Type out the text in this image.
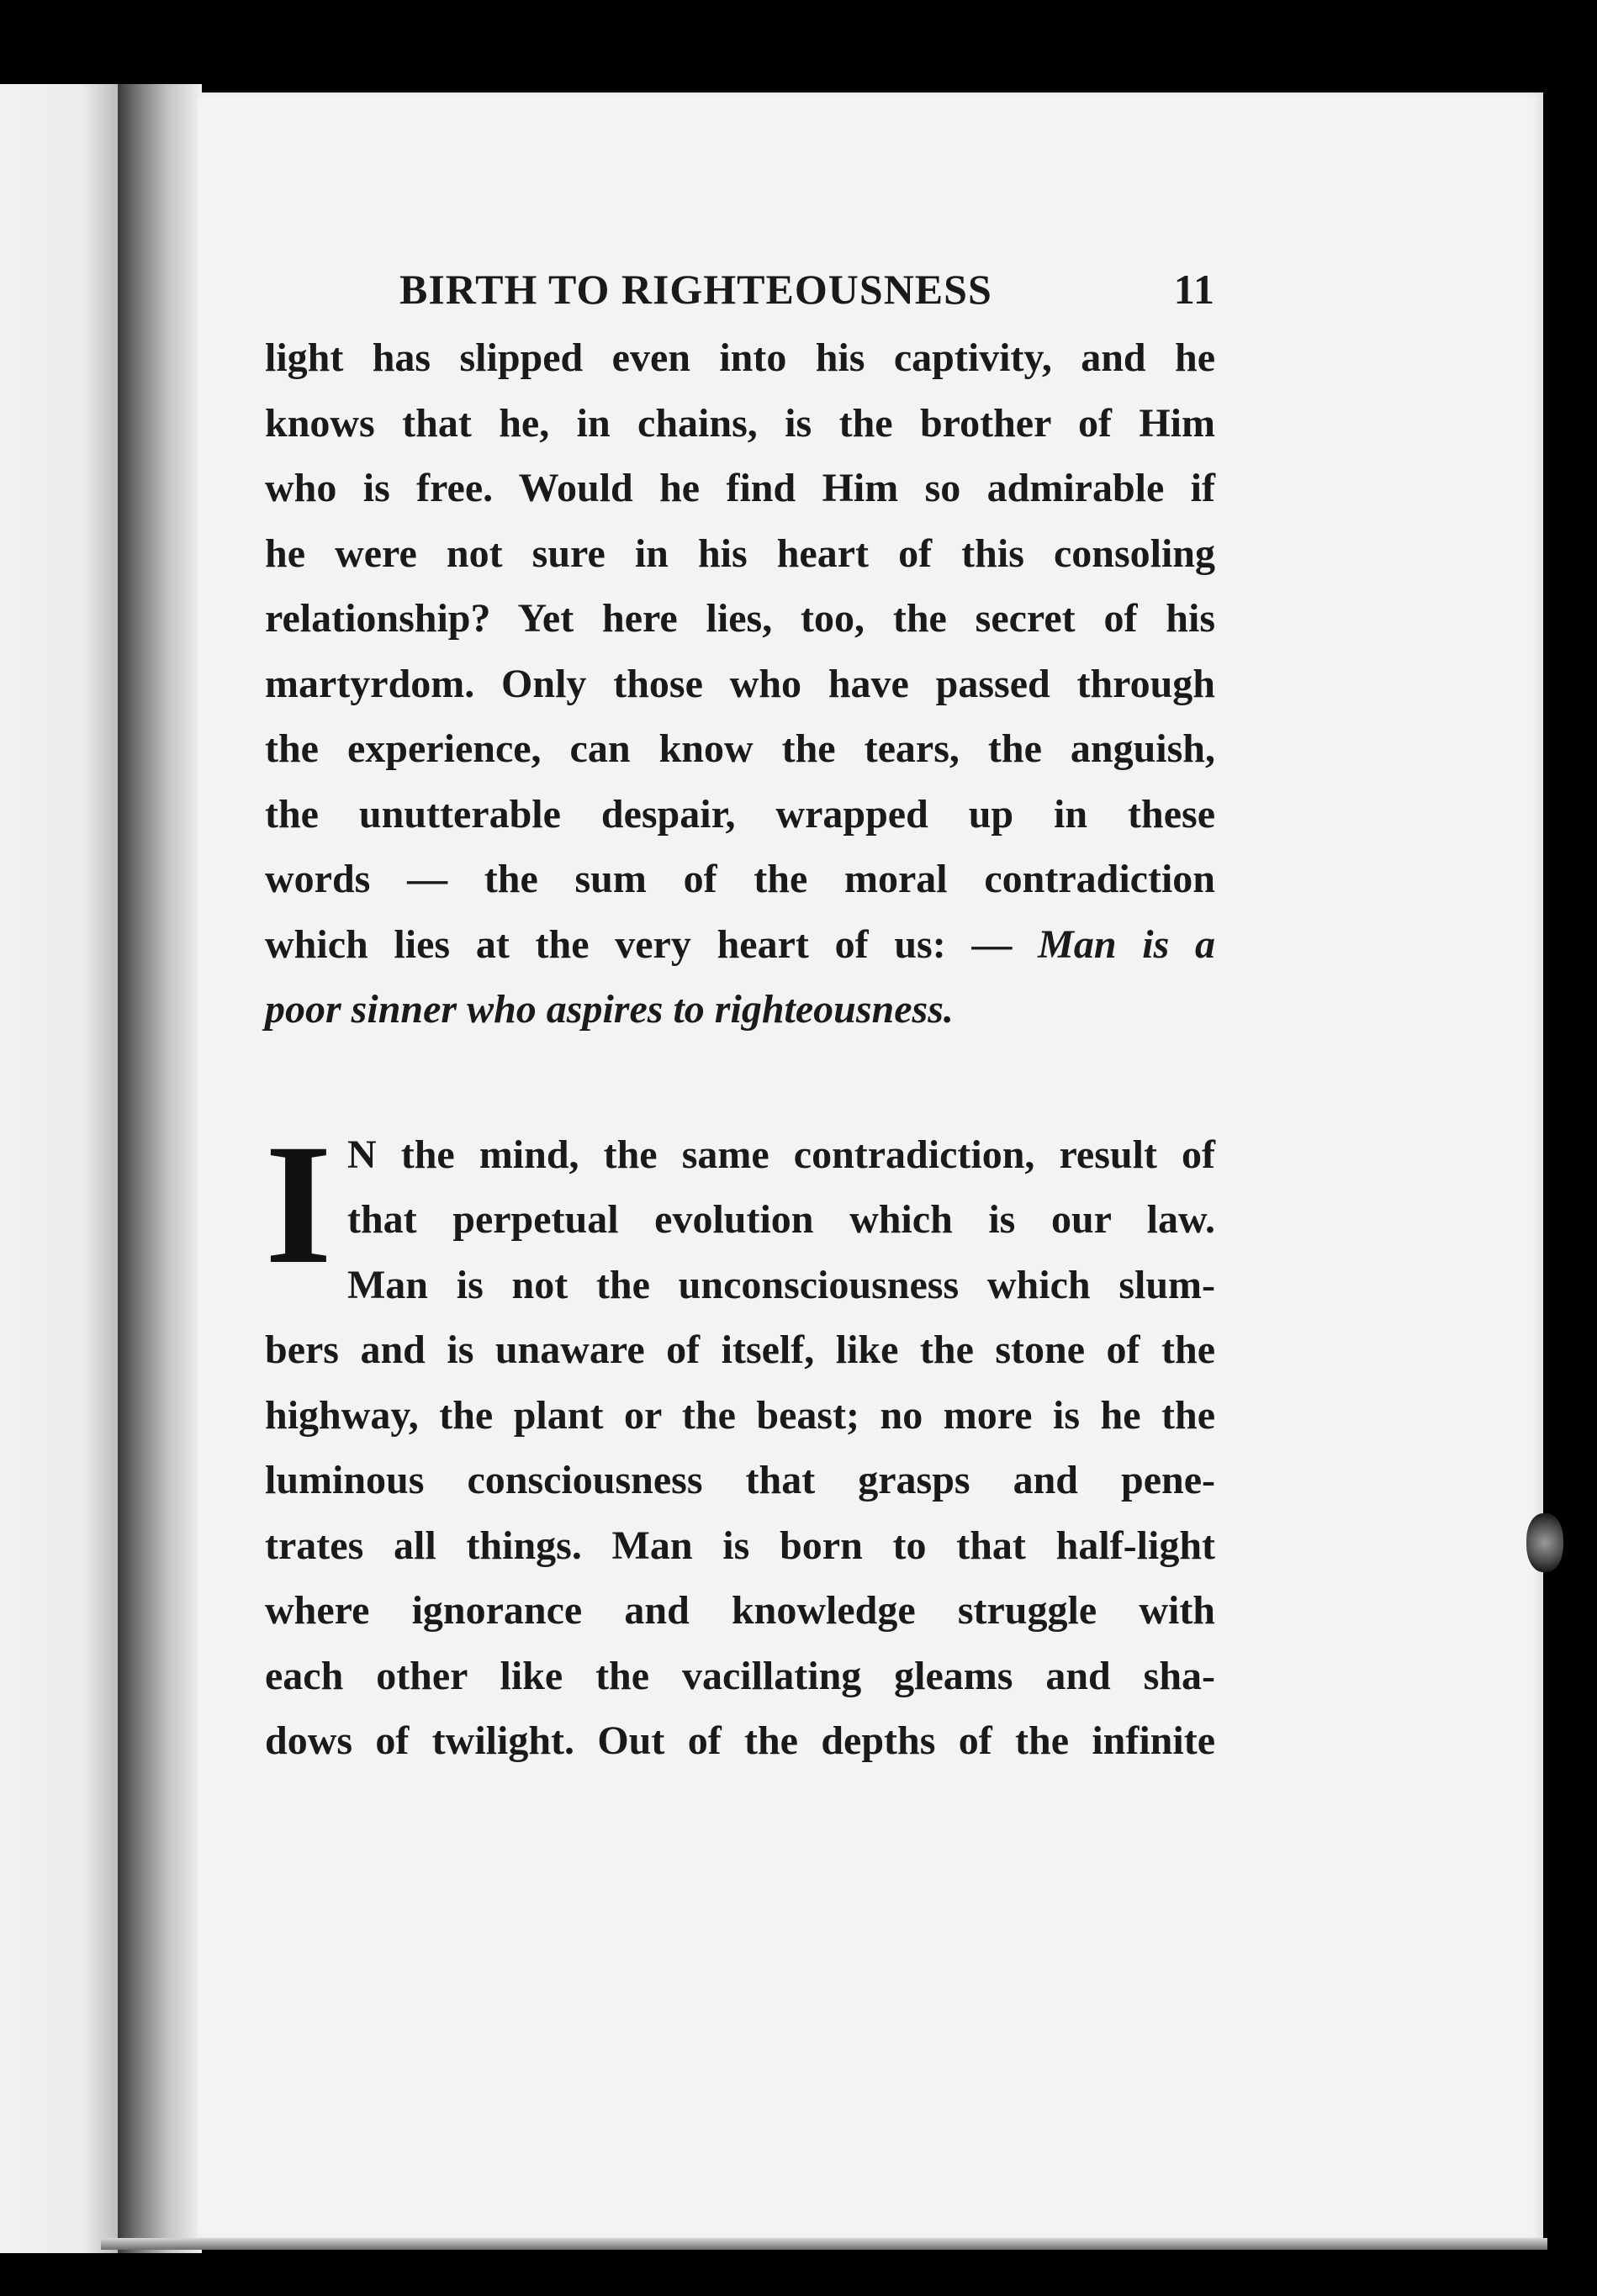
BIRTH TO RIGHTEOUSNESS	11
light has slipped even into his captivity, and he
knows that he, in chains, is the brother of Him
who is free. Would he find Him so admirable if
he were not sure in his heart of this consoling
relationship? Yet here lies, too, the secret of his
martyrdom. Only those who have passed through
the experience, can know the tears, the anguish,
the unutterable despair, wrapped up in these
words — the sum of the moral contradiction
which lies at the very heart of us: — Man is a
poor sinner who aspires to righteousness.
I N the mind, the same contradiction, result of
that perpetual evolution which is our law.
Man is not the unconsciousness which slum-
bers and is unaware of itself, like the stone of the
highway, the plant or the beast; no more is he the
luminous consciousness that grasps and pene-
trates all things. Man is born to that half-light
where ignorance and knowledge struggle with
each other like the vacillating gleams and sha-
dows of twilight. Out of the depths of the infinite
